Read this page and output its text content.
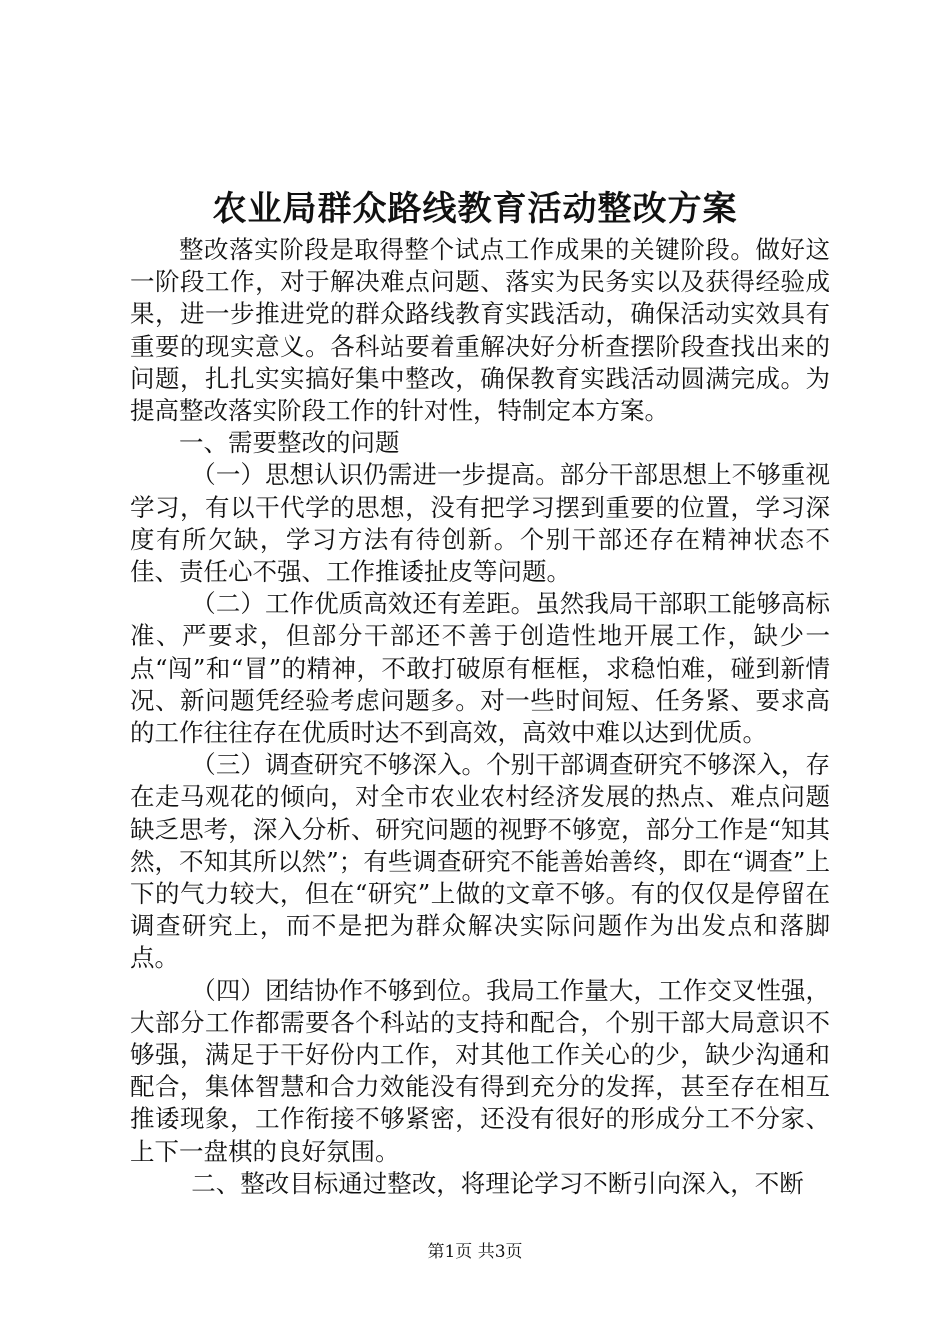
农业局群众路线教育活动整改方案

整改落实阶段是取得整个试点工作成果的关键阶段。做好这一阶段工作，对于解决难点问题、落实为民务实以及获得经验成果，进一步推进党的群众路线教育实践活动，确保活动实效具有重要的现实意义。各科站要着重解决好分析查摆阶段查找出来的问题，扎扎实实搞好集中整改，确保教育实践活动圆满完成。为提高整改落实阶段工作的针对性，特制定本方案。

一、需要整改的问题

（一）思想认识仍需进一步提高。部分干部思想上不够重视学习，有以干代学的思想，没有把学习摆到重要的位置，学习深度有所欠缺，学习方法有待创新。个别干部还存在精神状态不佳、责任心不强、工作推诿扯皮等问题。

（二）工作优质高效还有差距。虽然我局干部职工能够高标准、严要求，但部分干部还不善于创造性地开展工作，缺少一点“闯”和“冒”的精神，不敢打破原有框框，求稳怕难，碰到新情况、新问题凭经验考虑问题多。对一些时间短、任务紧、要求高的工作往往存在优质时达不到高效，高效中难以达到优质。

（三）调查研究不够深入。个别干部调查研究不够深入，存在走马观花的倾向，对全市农业农村经济发展的热点、难点问题缺乏思考，深入分析、研究问题的视野不够宽，部分工作是“知其然，不知其所以然”；有些调查研究不能善始善终，即在“调查”上下的气力较大，但在“研究”上做的文章不够。有的仅仅是停留在调查研究上，而不是把为群众解决实际问题作为出发点和落脚点。

（四）团结协作不够到位。我局工作量大，工作交叉性强，大部分工作都需要各个科站的支持和配合，个别干部大局意识不够强，满足于干好份内工作，对其他工作关心的少，缺少沟通和配合，集体智慧和合力效能没有得到充分的发挥，甚至存在相互推诿现象，工作衔接不够紧密，还没有很好的形成分工不分家、上下一盘棋的良好氛围。

二、整改目标通过整改，将理论学习不断引向深入，不断

第1页 共3页
